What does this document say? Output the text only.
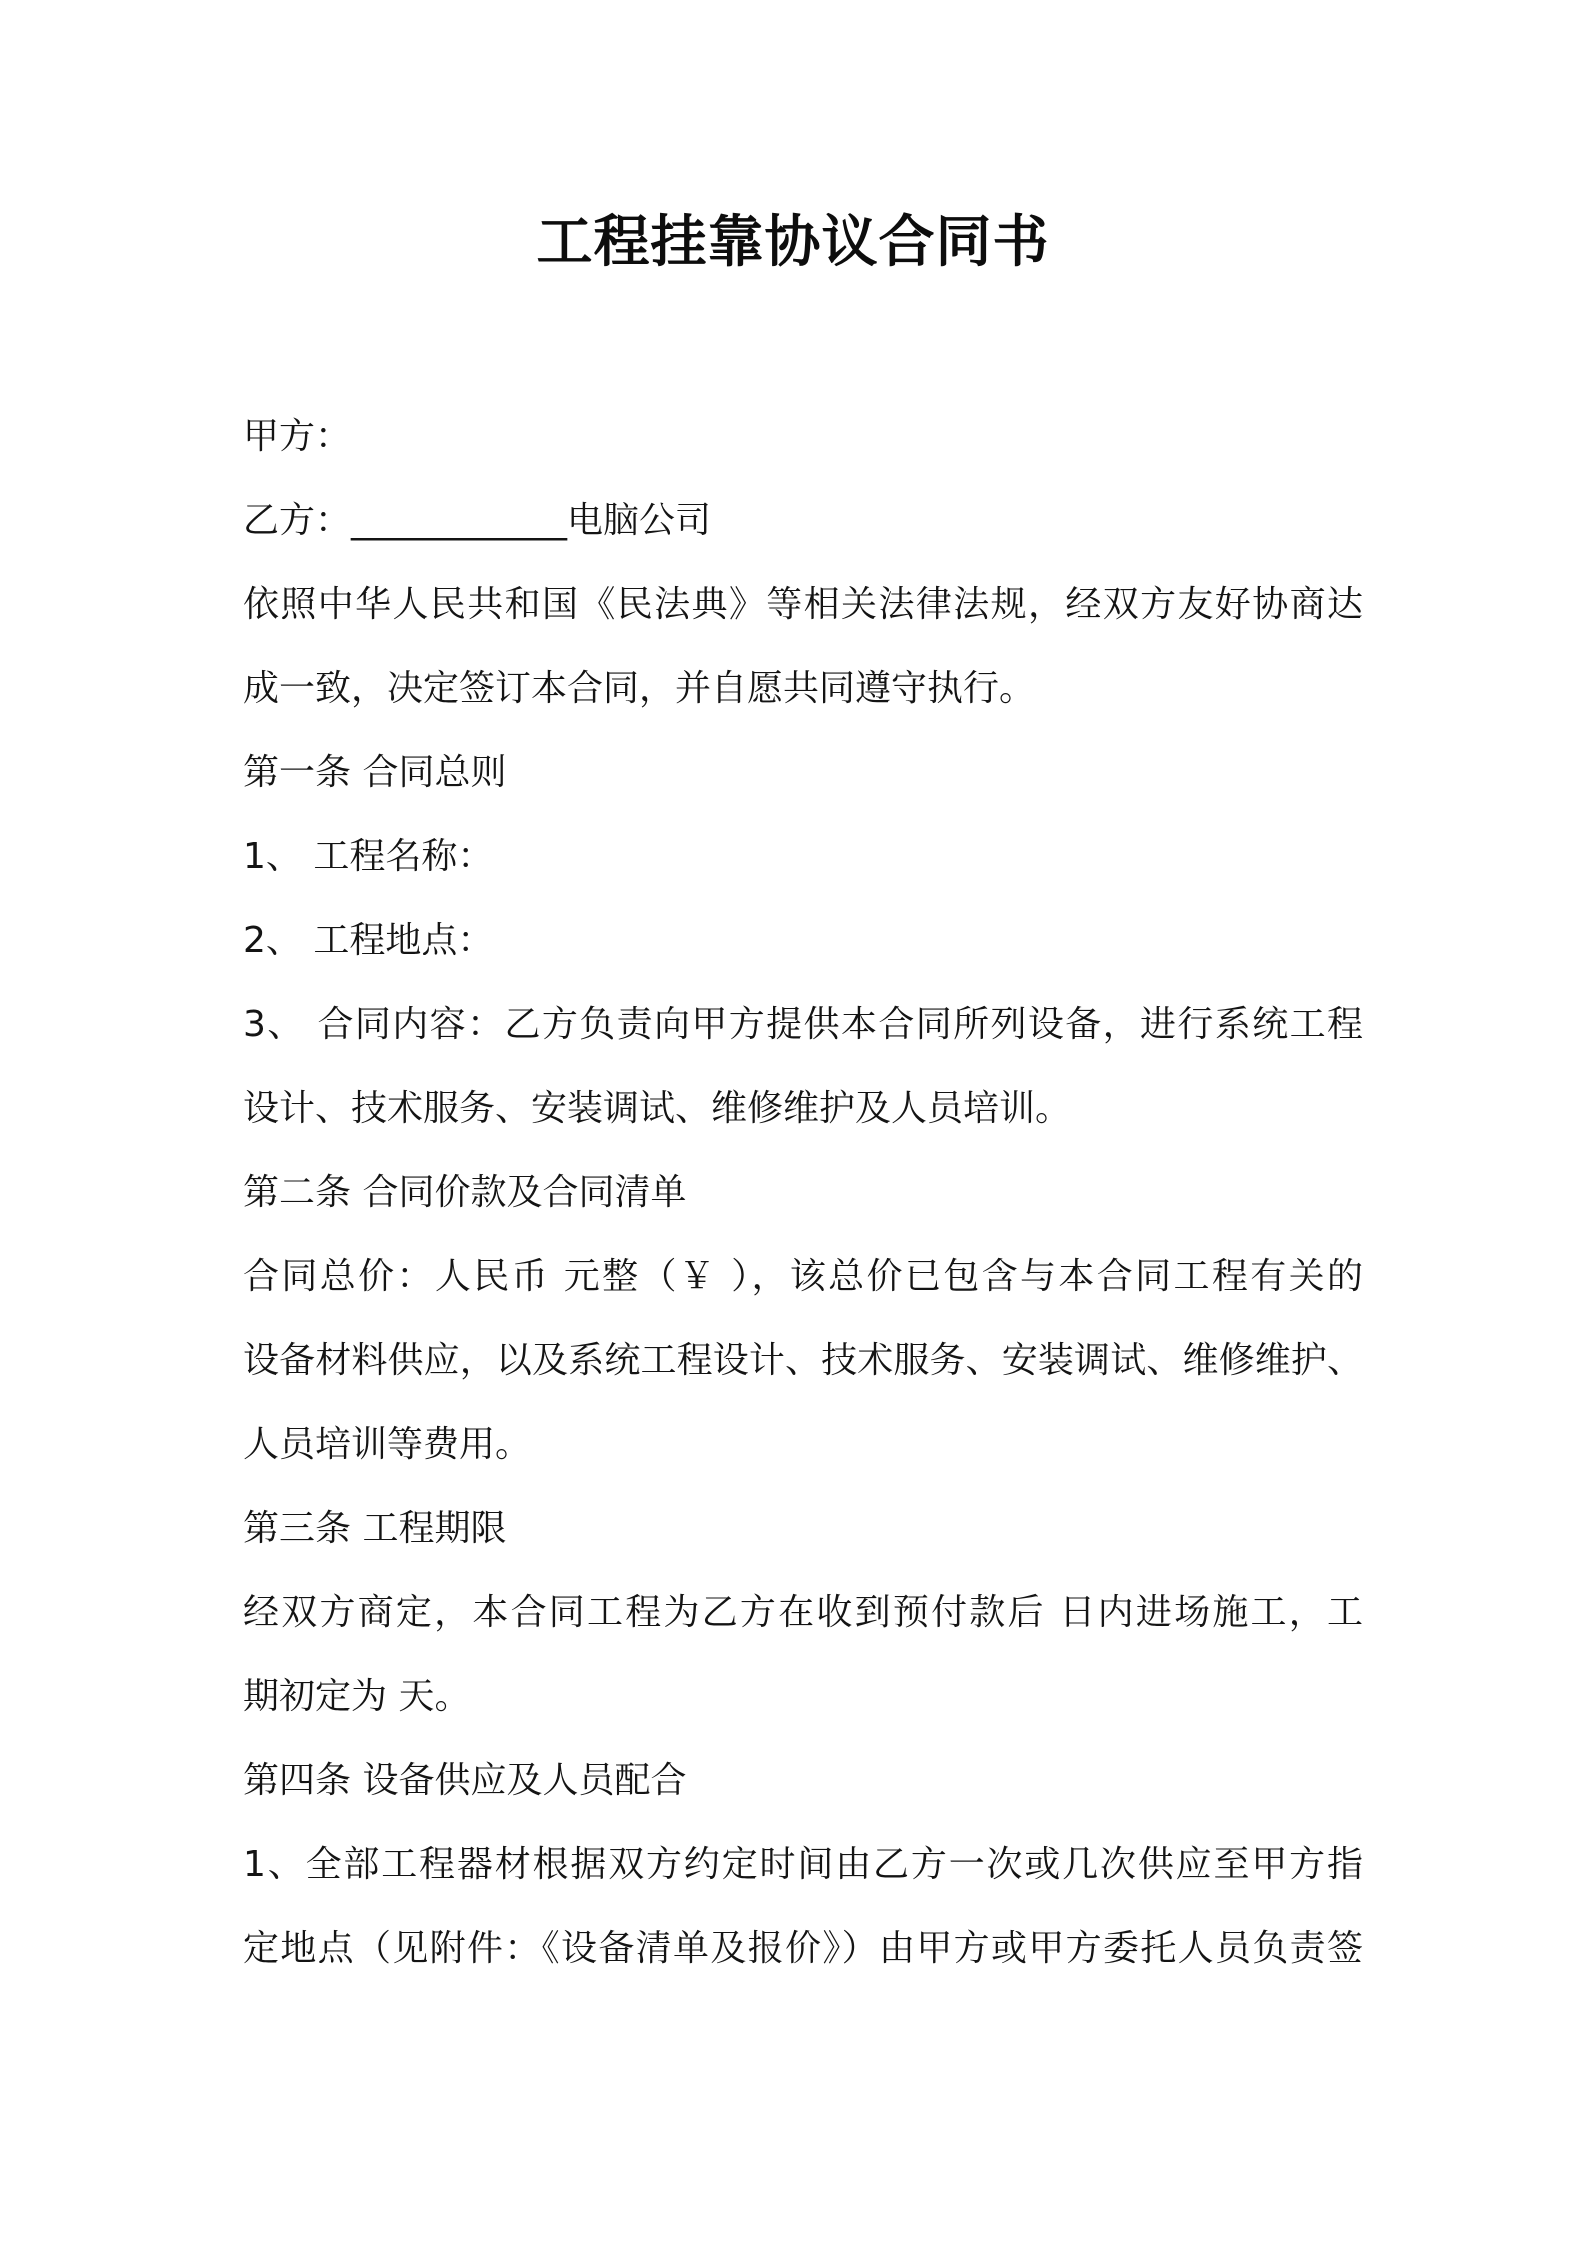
工程挂靠协议合同书
甲方：
乙方：____________电脑公司
依照中华人民共和国《民法典》等相关法律法规，经双方友好协商达
成一致，决定签订本合同，并自愿共同遵守执行。
第一条 合同总则
1、 工程名称：
2、 工程地点：
3、 合同内容：乙方负责向甲方提供本合同所列设备，进行系统工程
设计、技术服务、安装调试、维修维护及人员培训。
第二条 合同价款及合同清单
合同总价：人民币 元整（￥ ），该总价已包含与本合同工程有关的
设备材料供应，以及系统工程设计、技术服务、安装调试、维修维护、
人员培训等费用。
第三条 工程期限
经双方商定，本合同工程为乙方在收到预付款后 日内进场施工，工
期初定为 天。
第四条 设备供应及人员配合
1、全部工程器材根据双方约定时间由乙方一次或几次供应至甲方指
定地点（见附件：《设备清单及报价》）由甲方或甲方委托人员负责签
